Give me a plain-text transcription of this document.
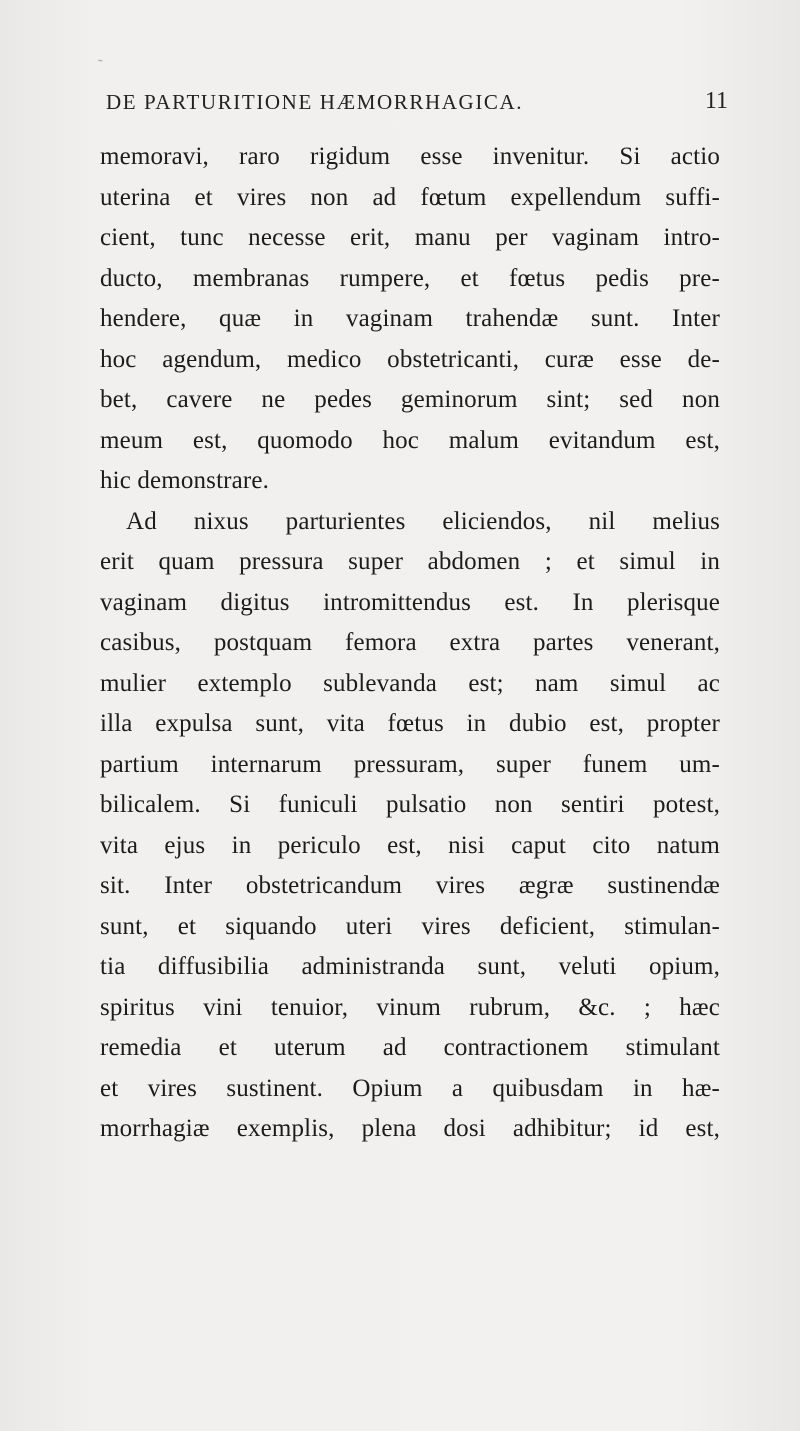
DE PARTURITIONE HÆMORRHAGICA.	11
˜
memoravi, raro rigidum esse invenitur. Si actio
uterina et vires non ad fœtum expellendum suffi-
cient, tunc necesse erit, manu per vaginam intro-
ducto, membranas rumpere, et fœtus pedis pre-
hendere, quæ in vaginam trahendæ sunt. Inter
hoc agendum, medico obstetricanti, curæ esse de-
bet, cavere ne pedes geminorum sint; sed non
meum est, quomodo hoc malum evitandum est,
hic demonstrare.
Ad nixus parturientes eliciendos, nil melius
erit quam pressura super abdomen ; et simul in
vaginam digitus intromittendus est. In plerisque
casibus, postquam femora extra partes venerant,
mulier extemplo sublevanda est; nam simul ac
illa expulsa sunt, vita fœtus in dubio est, propter
partium internarum pressuram, super funem um-
bilicalem. Si funiculi pulsatio non sentiri potest,
vita ejus in periculo est, nisi caput cito natum
sit. Inter obstetricandum vires ægræ sustinendæ
sunt, et siquando uteri vires deficient, stimulan-
tia diffusibilia administranda sunt, veluti opium,
spiritus vini tenuior, vinum rubrum, &c. ; hæc
remedia et uterum ad contractionem stimulant
et vires sustinent. Opium a quibusdam in hæ-
morrhagiæ exemplis, plena dosi adhibitur; id est,
